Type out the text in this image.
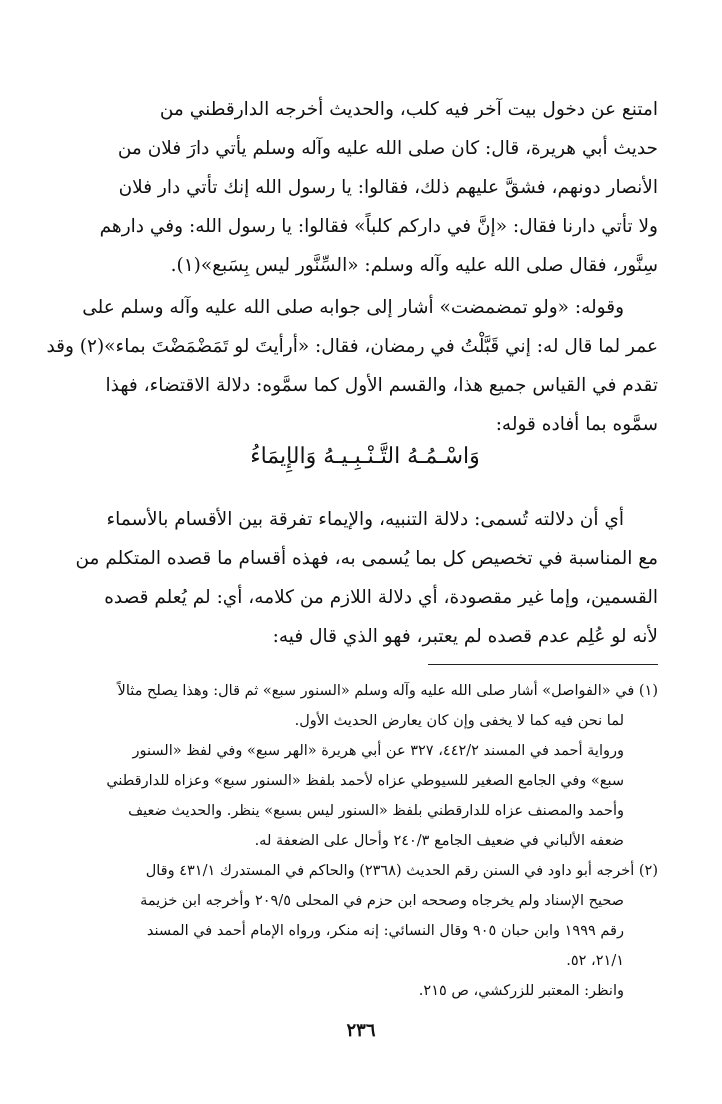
امتنع عن دخول بيت آخر فيه كلب، والحديث أخرجه الدارقطني من
حديث أبي هريرة، قال: كان صلى الله عليه وآله وسلم يأتي دارَ فلان من
الأنصار دونهم، فشقَّ عليهم ذلك، فقالوا: يا رسول الله إنك تأتي دار فلان
ولا تأتي دارنا فقال: «إنَّ في داركم كلباً» فقالوا: يا رسول الله: وفي دارهم
سِنَّور، فقال صلى الله عليه وآله وسلم: «السِّنَّور ليس بِسَبع»(١).
وقوله: «ولو تمضمضت» أشار إلى جوابه صلى الله عليه وآله وسلم على
عمر لما قال له: إني قَبَّلْتُ في رمضان، فقال: «أرأيتَ لو تَمَضْمَضْتَ بماء»(٢) وقد
تقدم في القياس جميع هذا، والقسم الأول كما سمَّوه: دلالة الاقتضاء، فهذا
سمَّوه بما أفاده قوله:
وَاسْـمُـهُ التَّـنْـبِـيـهُ وَالإِيمَاءُ
أي أن دلالته تُسمى: دلالة التنبيه، والإيماء تفرقة بين الأقسام بالأسماء
مع المناسبة في تخصيص كل بما يُسمى به، فهذه أقسام ما قصده المتكلم من
القسمين، وإما غير مقصودة، أي دلالة اللازم من كلامه، أي: لم يُعلم قصده
لأنه لو عُلِم عدم قصده لم يعتبر، فهو الذي قال فيه:
(١) في «الفواصل» أشار صلى الله عليه وآله وسلم «السنور سبع» ثم قال: وهذا يصلح مثالاً
لما نحن فيه كما لا يخفى وإن كان يعارض الحديث الأول.
ورواية أحمد في المسند ٤٤٢/٢، ٣٢٧ عن أبي هريرة «الهر سبع» وفي لفظ «السنور
سبع» وفي الجامع الصغير للسيوطي عزاه لأحمد بلفظ «السنور سبع» وعزاه للدارقطني
وأحمد والمصنف عزاه للدارقطني بلفظ «السنور ليس بسبع» ينظر. والحديث ضعيف
ضعفه الألباني في ضعيف الجامع ٢٤٠/٣ وأحال على الضعفة له.
(٢) أخرجه أبو داود في السنن رقم الحديث (٢٣٦٨) والحاكم في المستدرك ٤٣١/١ وقال
صحيح الإسناد ولم يخرجاه وصححه ابن حزم في المحلى ٢٠٩/٥ وأخرجه ابن خزيمة
رقم ١٩٩٩ وابن حبان ٩٠٥ وقال النسائي: إنه منكر، ورواه الإمام أحمد في المسند
٢١/١، ٥٢.
وانظر: المعتبر للزركشي، ص ٢١٥.
٢٣٦
